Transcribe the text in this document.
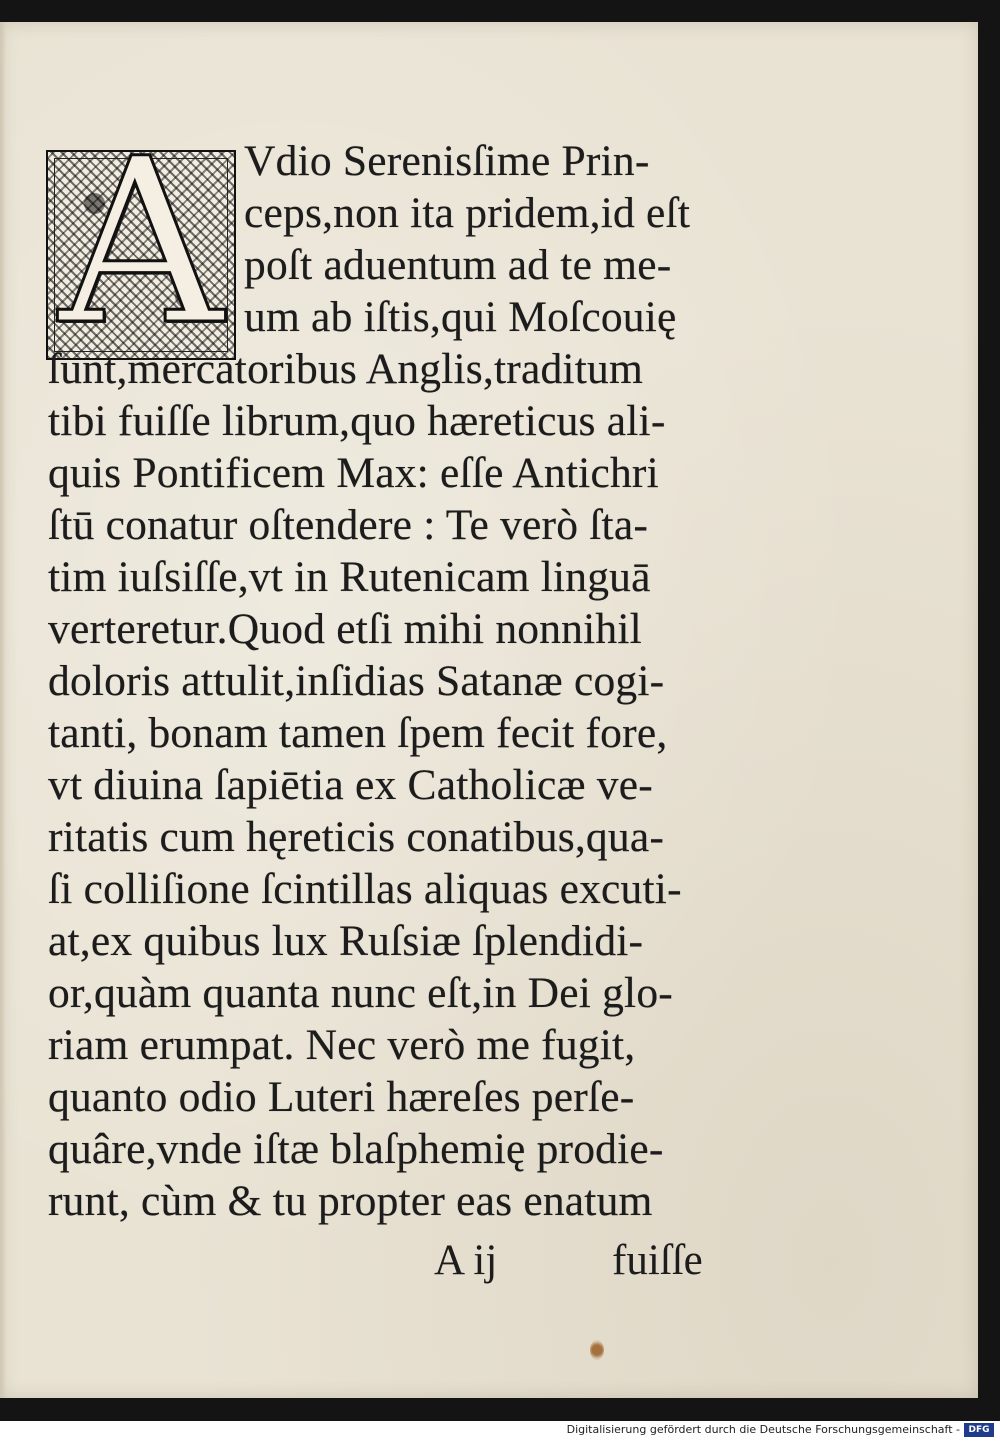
A Vdio Serenisſime Prin-
ceps,non ita pridem,id eſt
poſt aduentum ad te me-
um ab iſtis,qui Moſcouię
ſunt,mercatoribus Anglis,traditum
tibi fuiſſe librum,quo hæreticus ali-
quis Pontificem Max: eſſe Antichri
ſtū conatur oſtendere : Te verò ſta-
tim iuſsiſſe,vt in Rutenicam linguā
verteretur.Quod etſi mihi nonnihil
doloris attulit,inſidias Satanæ cogi-
tanti, bonam tamen ſpem fecit fore,
vt diuina ſapiētia ex Catholicæ ve-
ritatis cum hęreticis conatibus,qua-
ſi colliſione ſcintillas aliquas excuti-
at,ex quibus lux Ruſsiæ ſplendidi-
or,quàm quanta nunc eſt,in Dei glo-
riam erumpat. Nec verò me fugit,
quanto odio Luteri hæreſes perſe-
quâre,vnde iſtæ blaſphemię prodie-
runt, cùm & tu propter eas enatum
A ij	fuiſſe
Digitalisierung gefördert durch die Deutsche Forschungsgemeinschaft - DFG
